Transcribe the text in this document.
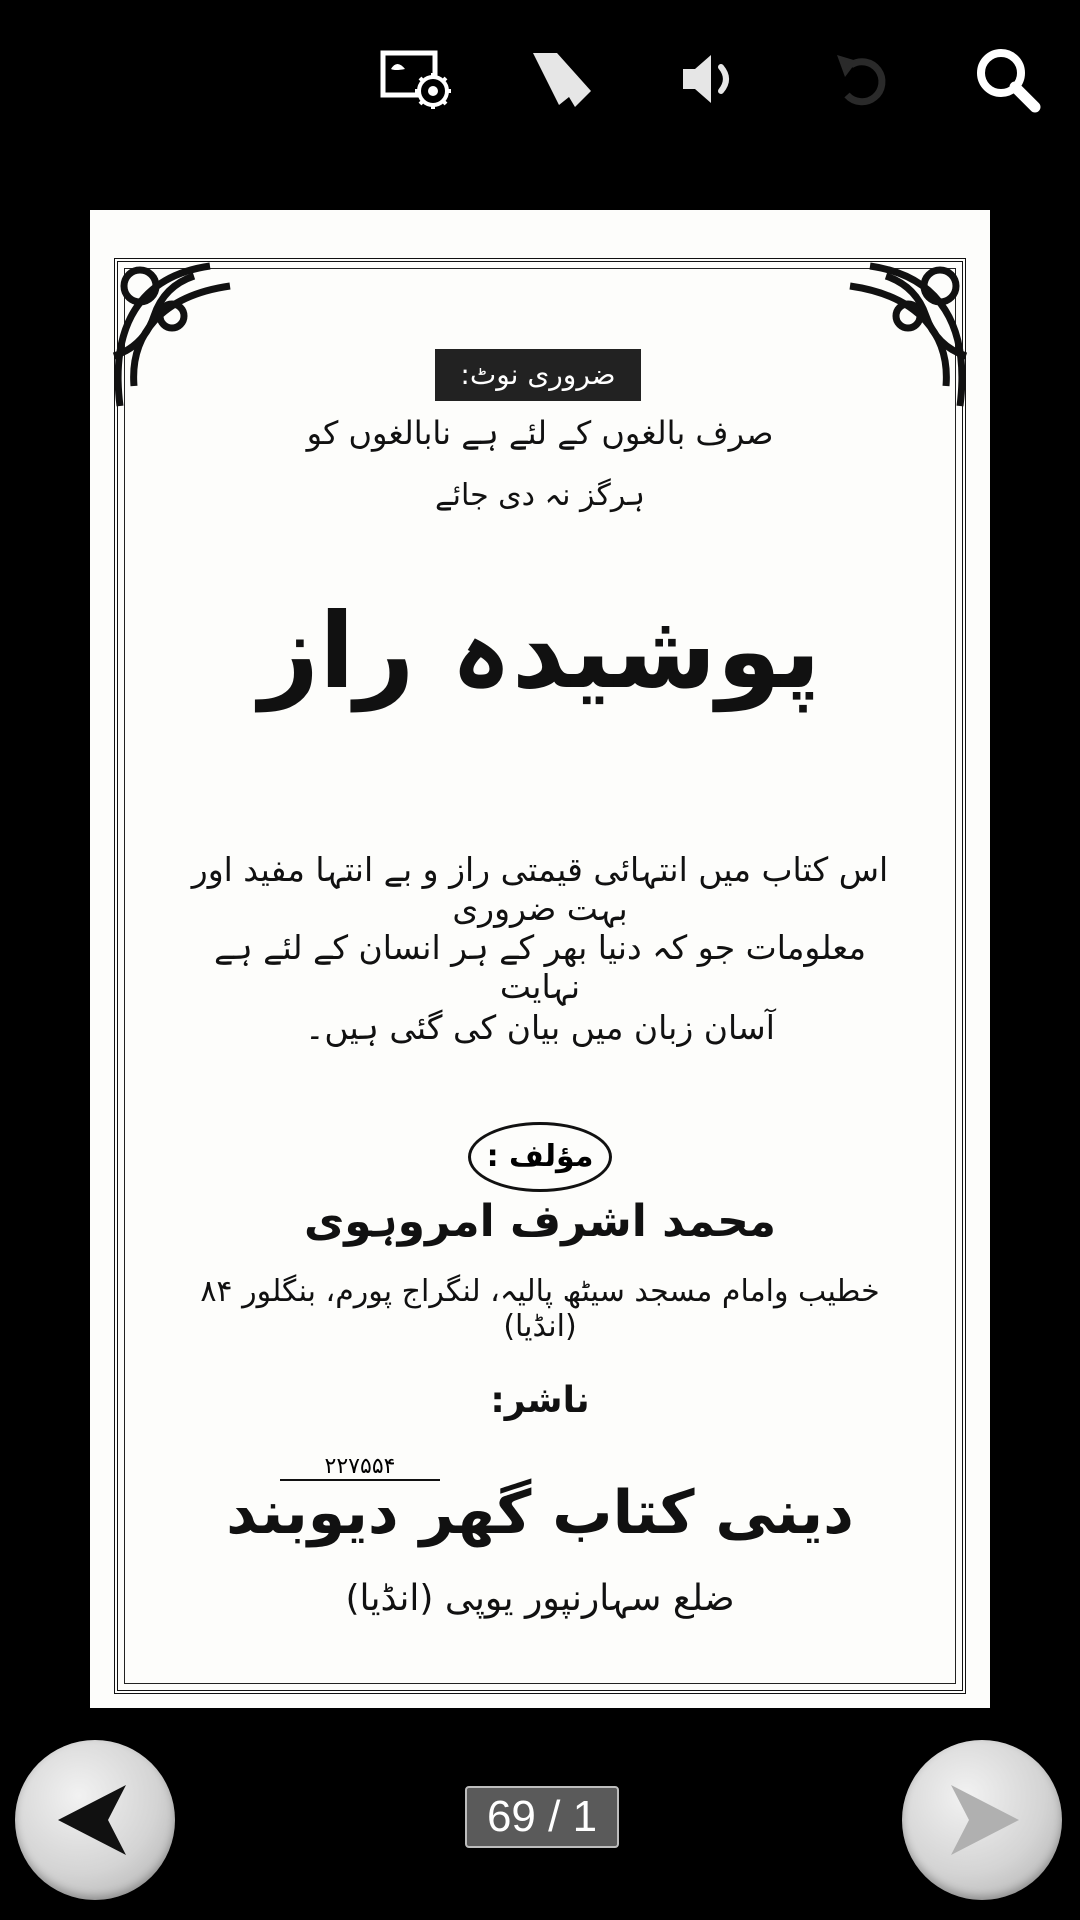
ضروری نوٹ:
صرف بالغوں کے لئے ہے نابالغوں کو
ہرگز نہ دی جائے
پوشیدہ راز
اس کتاب میں انتہائی قیمتی راز و بے انتہا مفید اور بہت ضروری
معلومات جو کہ دنیا بھر کے ہر انسان کے لئے ہے نہایت
آسان زبان میں بیان کی گئی ہیں۔
مؤلف :
محمد اشرف امروہوی
خطیب وامام مسجد سیٹھ پالیہ، لنگراج پورم، بنگلور ۸۴ (انڈیا)
ناشر:
۲۲۷۵۵۴
دینی کتاب گھر دیوبند
ضلع سہارنپور یوپی (انڈیا)
69 / 1
